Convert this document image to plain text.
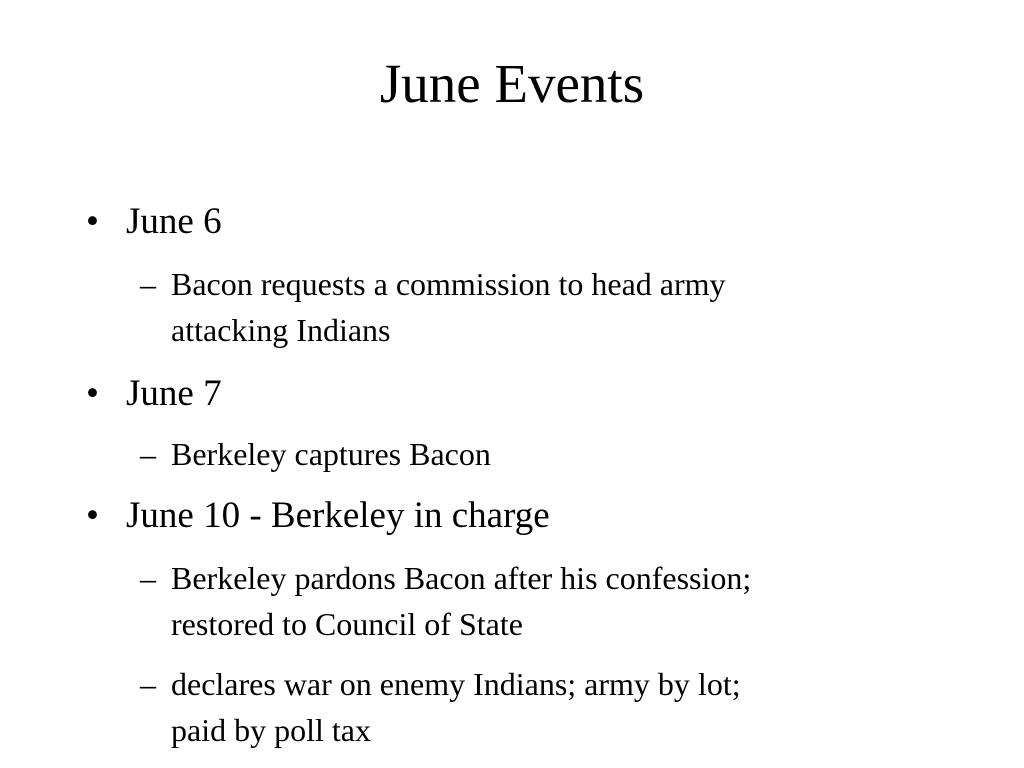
June Events
• June 6
– Bacon requests a commission to head army
attacking Indians
• June 7
– Berkeley captures Bacon
• June 10 - Berkeley in charge
– Berkeley pardons Bacon after his confession;
restored to Council of State
– declares war on enemy Indians; army by lot;
paid by poll tax
